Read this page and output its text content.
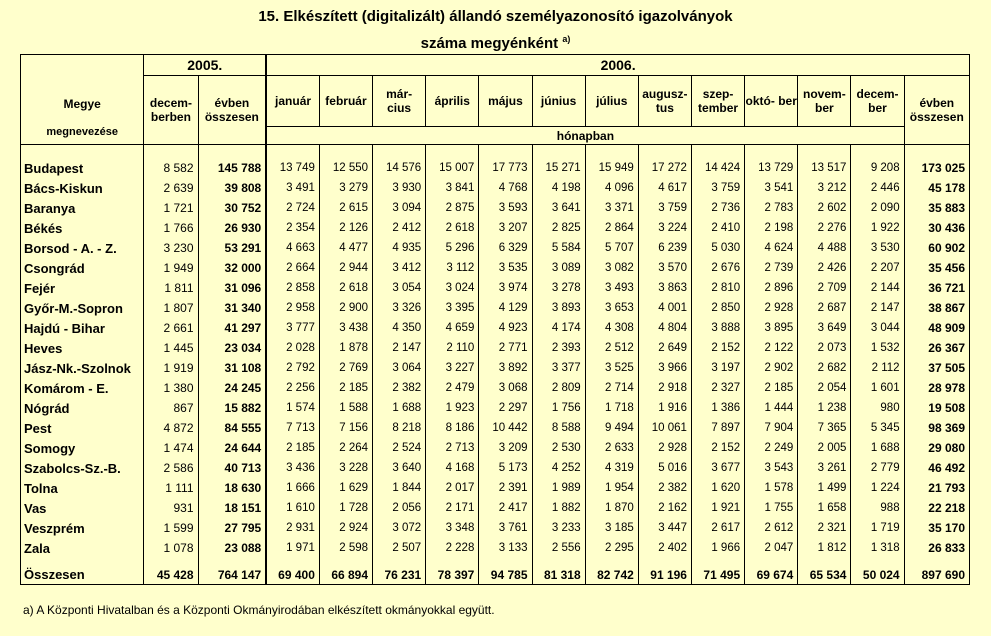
15. Elkészített (digitalizált) állandó személyazonosító igazolványok
száma megyénként $^{a)}$
Megye
megnevezése	2005.		2006.												
	decem- berben	évben összesen	január	február	már- cius	április	május	június	július	augusz- tus	szep- tember	októ- ber	novem- ber	decem- ber	évben összesen
			hónapban												

Budapest	8 582	145 788	13 749	12 550	14 576	15 007	17 773	15 271	15 949	17 272	14 424	13 729	13 517	9 208	173 025
Bács-Kiskun	2 639	39 808	3 491	3 279	3 930	3 841	4 768	4 198	4 096	4 617	3 759	3 541	3 212	2 446	45 178
Baranya	1 721	30 752	2 724	2 615	3 094	2 875	3 593	3 641	3 371	3 759	2 736	2 783	2 602	2 090	35 883
Békés	1 766	26 930	2 354	2 126	2 412	2 618	3 207	2 825	2 864	3 224	2 410	2 198	2 276	1 922	30 436
Borsod - A. - Z.	3 230	53 291	4 663	4 477	4 935	5 296	6 329	5 584	5 707	6 239	5 030	4 624	4 488	3 530	60 902
Csongrád	1 949	32 000	2 664	2 944	3 412	3 112	3 535	3 089	3 082	3 570	2 676	2 739	2 426	2 207	35 456
Fejér	1 811	31 096	2 858	2 618	3 054	3 024	3 974	3 278	3 493	3 863	2 810	2 896	2 709	2 144	36 721
Győr-M.-Sopron	1 807	31 340	2 958	2 900	3 326	3 395	4 129	3 893	3 653	4 001	2 850	2 928	2 687	2 147	38 867
Hajdú - Bihar	2 661	41 297	3 777	3 438	4 350	4 659	4 923	4 174	4 308	4 804	3 888	3 895	3 649	3 044	48 909
Heves	1 445	23 034	2 028	1 878	2 147	2 110	2 771	2 393	2 512	2 649	2 152	2 122	2 073	1 532	26 367
Jász-Nk.-Szolnok	1 919	31 108	2 792	2 769	3 064	3 227	3 892	3 377	3 525	3 966	3 197	2 902	2 682	2 112	37 505
Komárom - E.	1 380	24 245	2 256	2 185	2 382	2 479	3 068	2 809	2 714	2 918	2 327	2 185	2 054	1 601	28 978
Nógrád	867	15 882	1 574	1 588	1 688	1 923	2 297	1 756	1 718	1 916	1 386	1 444	1 238	980	19 508
Pest	4 872	84 555	7 713	7 156	8 218	8 186	10 442	8 588	9 494	10 061	7 897	7 904	7 365	5 345	98 369
Somogy	1 474	24 644	2 185	2 264	2 524	2 713	3 209	2 530	2 633	2 928	2 152	2 249	2 005	1 688	29 080
Szabolcs-Sz.-B.	2 586	40 713	3 436	3 228	3 640	4 168	5 173	4 252	4 319	5 016	3 677	3 543	3 261	2 779	46 492
Tolna	1 111	18 630	1 666	1 629	1 844	2 017	2 391	1 989	1 954	2 382	1 620	1 578	1 499	1 224	21 793
Vas	931	18 151	1 610	1 728	2 056	2 171	2 417	1 882	1 870	2 162	1 921	1 755	1 658	988	22 218
Veszprém	1 599	27 795	2 931	2 924	3 072	3 348	3 761	3 233	3 185	3 447	2 617	2 612	2 321	1 719	35 170
Zala	1 078	23 088	1 971	2 598	2 507	2 228	3 133	2 556	2 295	2 402	1 966	2 047	1 812	1 318	26 833
Összesen	45 428	764 147	69 400	66 894	76 231	78 397	94 785	81 318	82 742	91 196	71 495	69 674	65 534	50 024	897 690
a) A Központi Hivatalban és a Központi Okmányirodában elkészített okmányokkal együtt.
